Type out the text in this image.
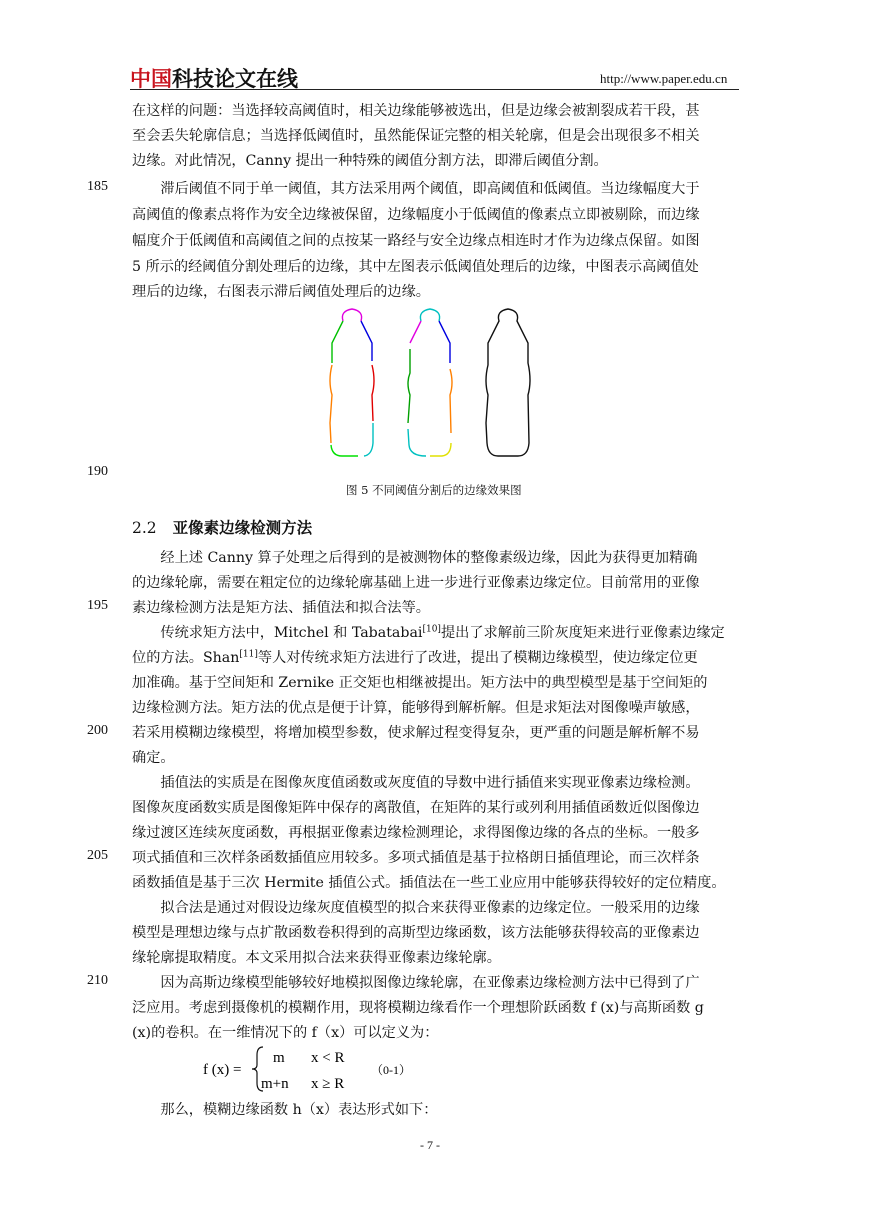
中国科技论文在线	http://www.paper.edu.cn
在这样的问题：当选择较高阈值时，相关边缘能够被选出，但是边缘会被割裂成若干段，甚
至会丢失轮廓信息；当选择低阈值时，虽然能保证完整的相关轮廓，但是会出现很多不相关
边缘。对此情况，Canny 提出一种特殊的阈值分割方法，即滞后阈值分割。
185 　　滞后阈值不同于单一阈值，其方法采用两个阈值，即高阈值和低阈值。当边缘幅度大于
高阈值的像素点将作为安全边缘被保留，边缘幅度小于低阈值的像素点立即被剔除，而边缘
幅度介于低阈值和高阈值之间的点按某一路经与安全边缘点相连时才作为边缘点保留。如图
5 所示的经阈值分割处理后的边缘，其中左图表示低阈值处理后的边缘，中图表示高阈值处
理后的边缘，右图表示滞后阈值处理后的边缘。
190
图 5 不同阈值分割后的边缘效果图
2.2 亚像素边缘检测方法
　　经上述 Canny 算子处理之后得到的是被测物体的整像素级边缘，因此为获得更加精确
的边缘轮廓，需要在粗定位的边缘轮廓基础上进一步进行亚像素边缘定位。目前常用的亚像
195 素边缘检测方法是矩方法、插值法和拟合法等。
　　传统求矩方法中，Mitchel 和 Tabatabai[10]提出了求解前三阶灰度矩来进行亚像素边缘定
位的方法。Shan[11]等人对传统求矩方法进行了改进，提出了模糊边缘模型，使边缘定位更
加准确。基于空间矩和 Zernike 正交矩也相继被提出。矩方法中的典型模型是基于空间矩的
边缘检测方法。矩方法的优点是便于计算，能够得到解析解。但是求矩法对图像噪声敏感，
200 若采用模糊边缘模型，将增加模型参数，使求解过程变得复杂，更严重的问题是解析解不易
确定。
　　插值法的实质是在图像灰度值函数或灰度值的导数中进行插值来实现亚像素边缘检测。
图像灰度函数实质是图像矩阵中保存的离散值，在矩阵的某行或列利用插值函数近似图像边
缘过渡区连续灰度函数，再根据亚像素边缘检测理论，求得图像边缘的各点的坐标。一般多
205 项式插值和三次样条函数插值应用较多。多项式插值是基于拉格朗日插值理论，而三次样条
函数插值是基于三次 Hermite 插值公式。插值法在一些工业应用中能够获得较好的定位精度。
　　拟合法是通过对假设边缘灰度值模型的拟合来获得亚像素的边缘定位。一般采用的边缘
模型是理想边缘与点扩散函数卷积得到的高斯型边缘函数，该方法能够获得较高的亚像素边
缘轮廓提取精度。本文采用拟合法来获得亚像素边缘轮廓。
210 　　因为高斯边缘模型能够较好地模拟图像边缘轮廓，在亚像素边缘检测方法中已得到了广
泛应用。考虑到摄像机的模糊作用，现将模糊边缘看作一个理想阶跃函数 f (x)与高斯函数 g
(x)的卷积。在一维情况下的 f（x）可以定义为：
f (x) =
m x < R
m+n x ≥ R
（0-1）
　　那么，模糊边缘函数 h（x）表达形式如下：
- 7 -
